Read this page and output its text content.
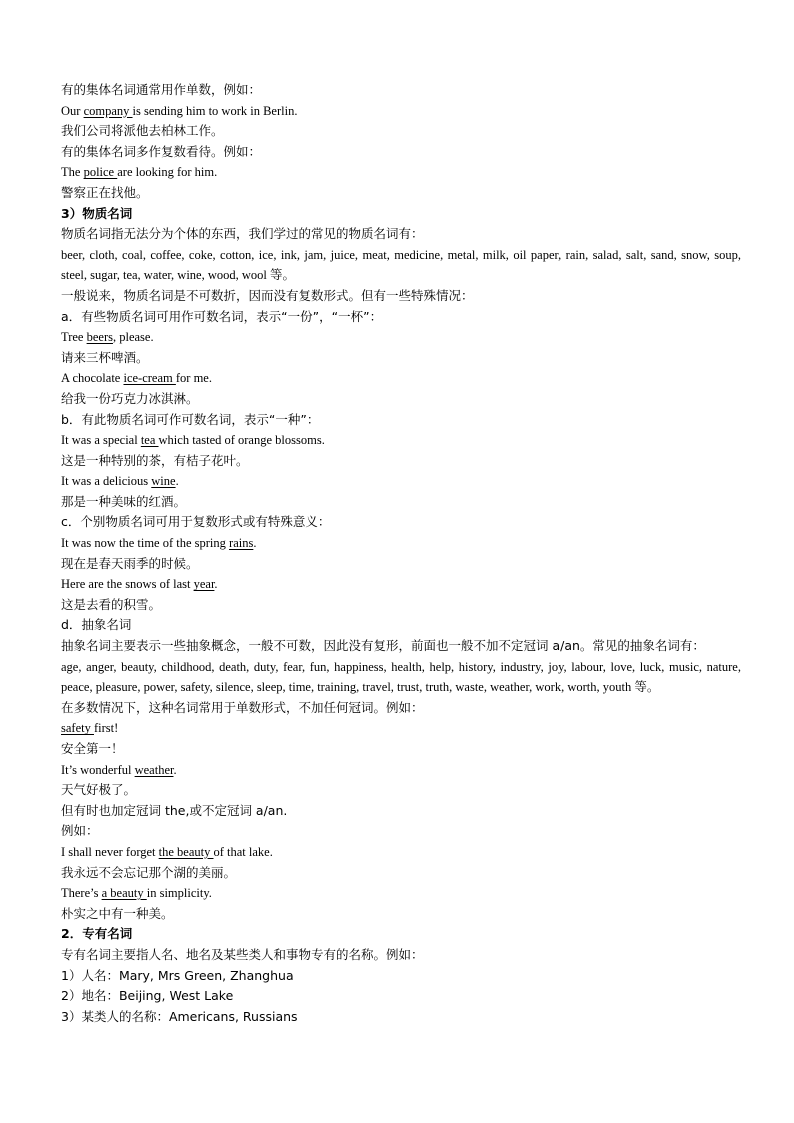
有的集体名词通常用作单数，例如：
Our company is sending him to work in Berlin.
我们公司将派他去柏林工作。
有的集体名词多作复数看待。例如：
The police are looking for him.
警察正在找他。
3）物质名词
物质名词指无法分为个体的东西，我们学过的常见的物质名词有：
beer, cloth, coal, coffee, coke, cotton, ice, ink, jam, juice, meat, medicine, metal, milk, oil paper, rain, salad, salt, sand, snow, soup, steel, sugar, tea, water, wine, wood, wool 等。
一般说来，物质名词是不可数折，因而没有复数形式。但有一些特殊情况：
a．有些物质名词可用作可数名词，表示“一份”，“一杯”：
Tree beers, please.
请来三杯啤酒。
A chocolate ice-cream for me.
给我一份巧克力冰淇淋。
b．有此物质名词可作可数名词，表示“一种”：
It was a special tea which tasted of orange blossoms.
这是一种特别的茶，有桔子花叶。
It was a delicious wine.
那是一种美味的红酒。
c．个别物质名词可用于复数形式或有特殊意义：
It was now the time of the spring rains.
现在是春天雨季的时候。
Here are the snows of last year.
这是去看的积雪。
d．抽象名词
抽象名词主要表示一些抽象概念，一般不可数，因此没有复形，前面也一般不加不定冠词 a/an。常见的抽象名词有：
age, anger, beauty, childhood, death, duty, fear, fun, happiness, health, help, history, industry, joy, labour, love, luck, music, nature, peace, pleasure, power, safety, silence, sleep, time, training, travel, trust, truth, waste, weather, work, worth, youth 等。
在多数情况下，这种名词常用于单数形式，不加任何冠词。例如：
safety first!
安全第一！
It’s wonderful weather.
天气好极了。
但有时也加定冠词 the,或不定冠词 a/an.
例如：
I shall never forget the beauty of that lake.
我永远不会忘记那个湖的美丽。
There’s a beauty in simplicity.
朴实之中有一种美。
2．专有名词
专有名词主要指人名、地名及某些类人和事物专有的名称。例如：
1）人名：Mary, Mrs Green, Zhanghua
2）地名：Beijing, West Lake
3）某类人的名称：Americans, Russians
